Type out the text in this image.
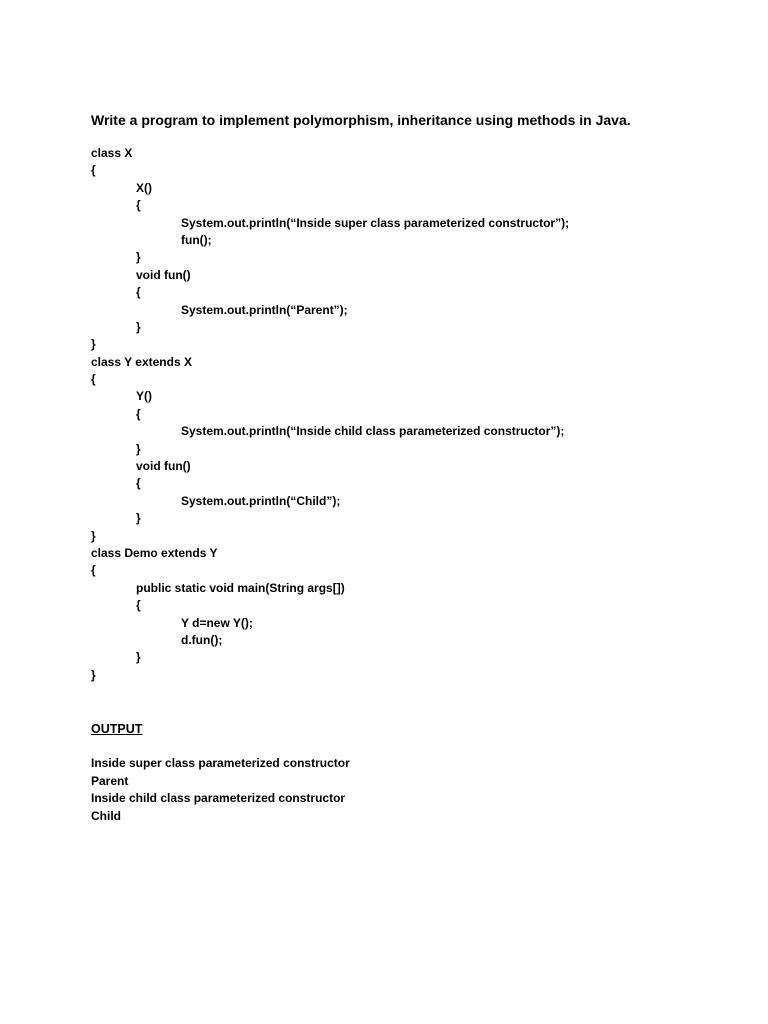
Write a program to implement polymorphism, inheritance using methods in Java.
class X
{
X()
{
System.out.println(“Inside super class parameterized constructor”);
fun();
}
void fun()
{
System.out.println(“Parent”);
}
}
class Y extends X
{
Y()
{
System.out.println(“Inside child class parameterized constructor”);
}
void fun()
{
System.out.println(“Child”);
}
}
class Demo extends Y
{
public static void main(String args[])
{
Y d=new Y();
d.fun();
}
}
OUTPUT
Inside super class parameterized constructor
Parent
Inside child class parameterized constructor
Child
